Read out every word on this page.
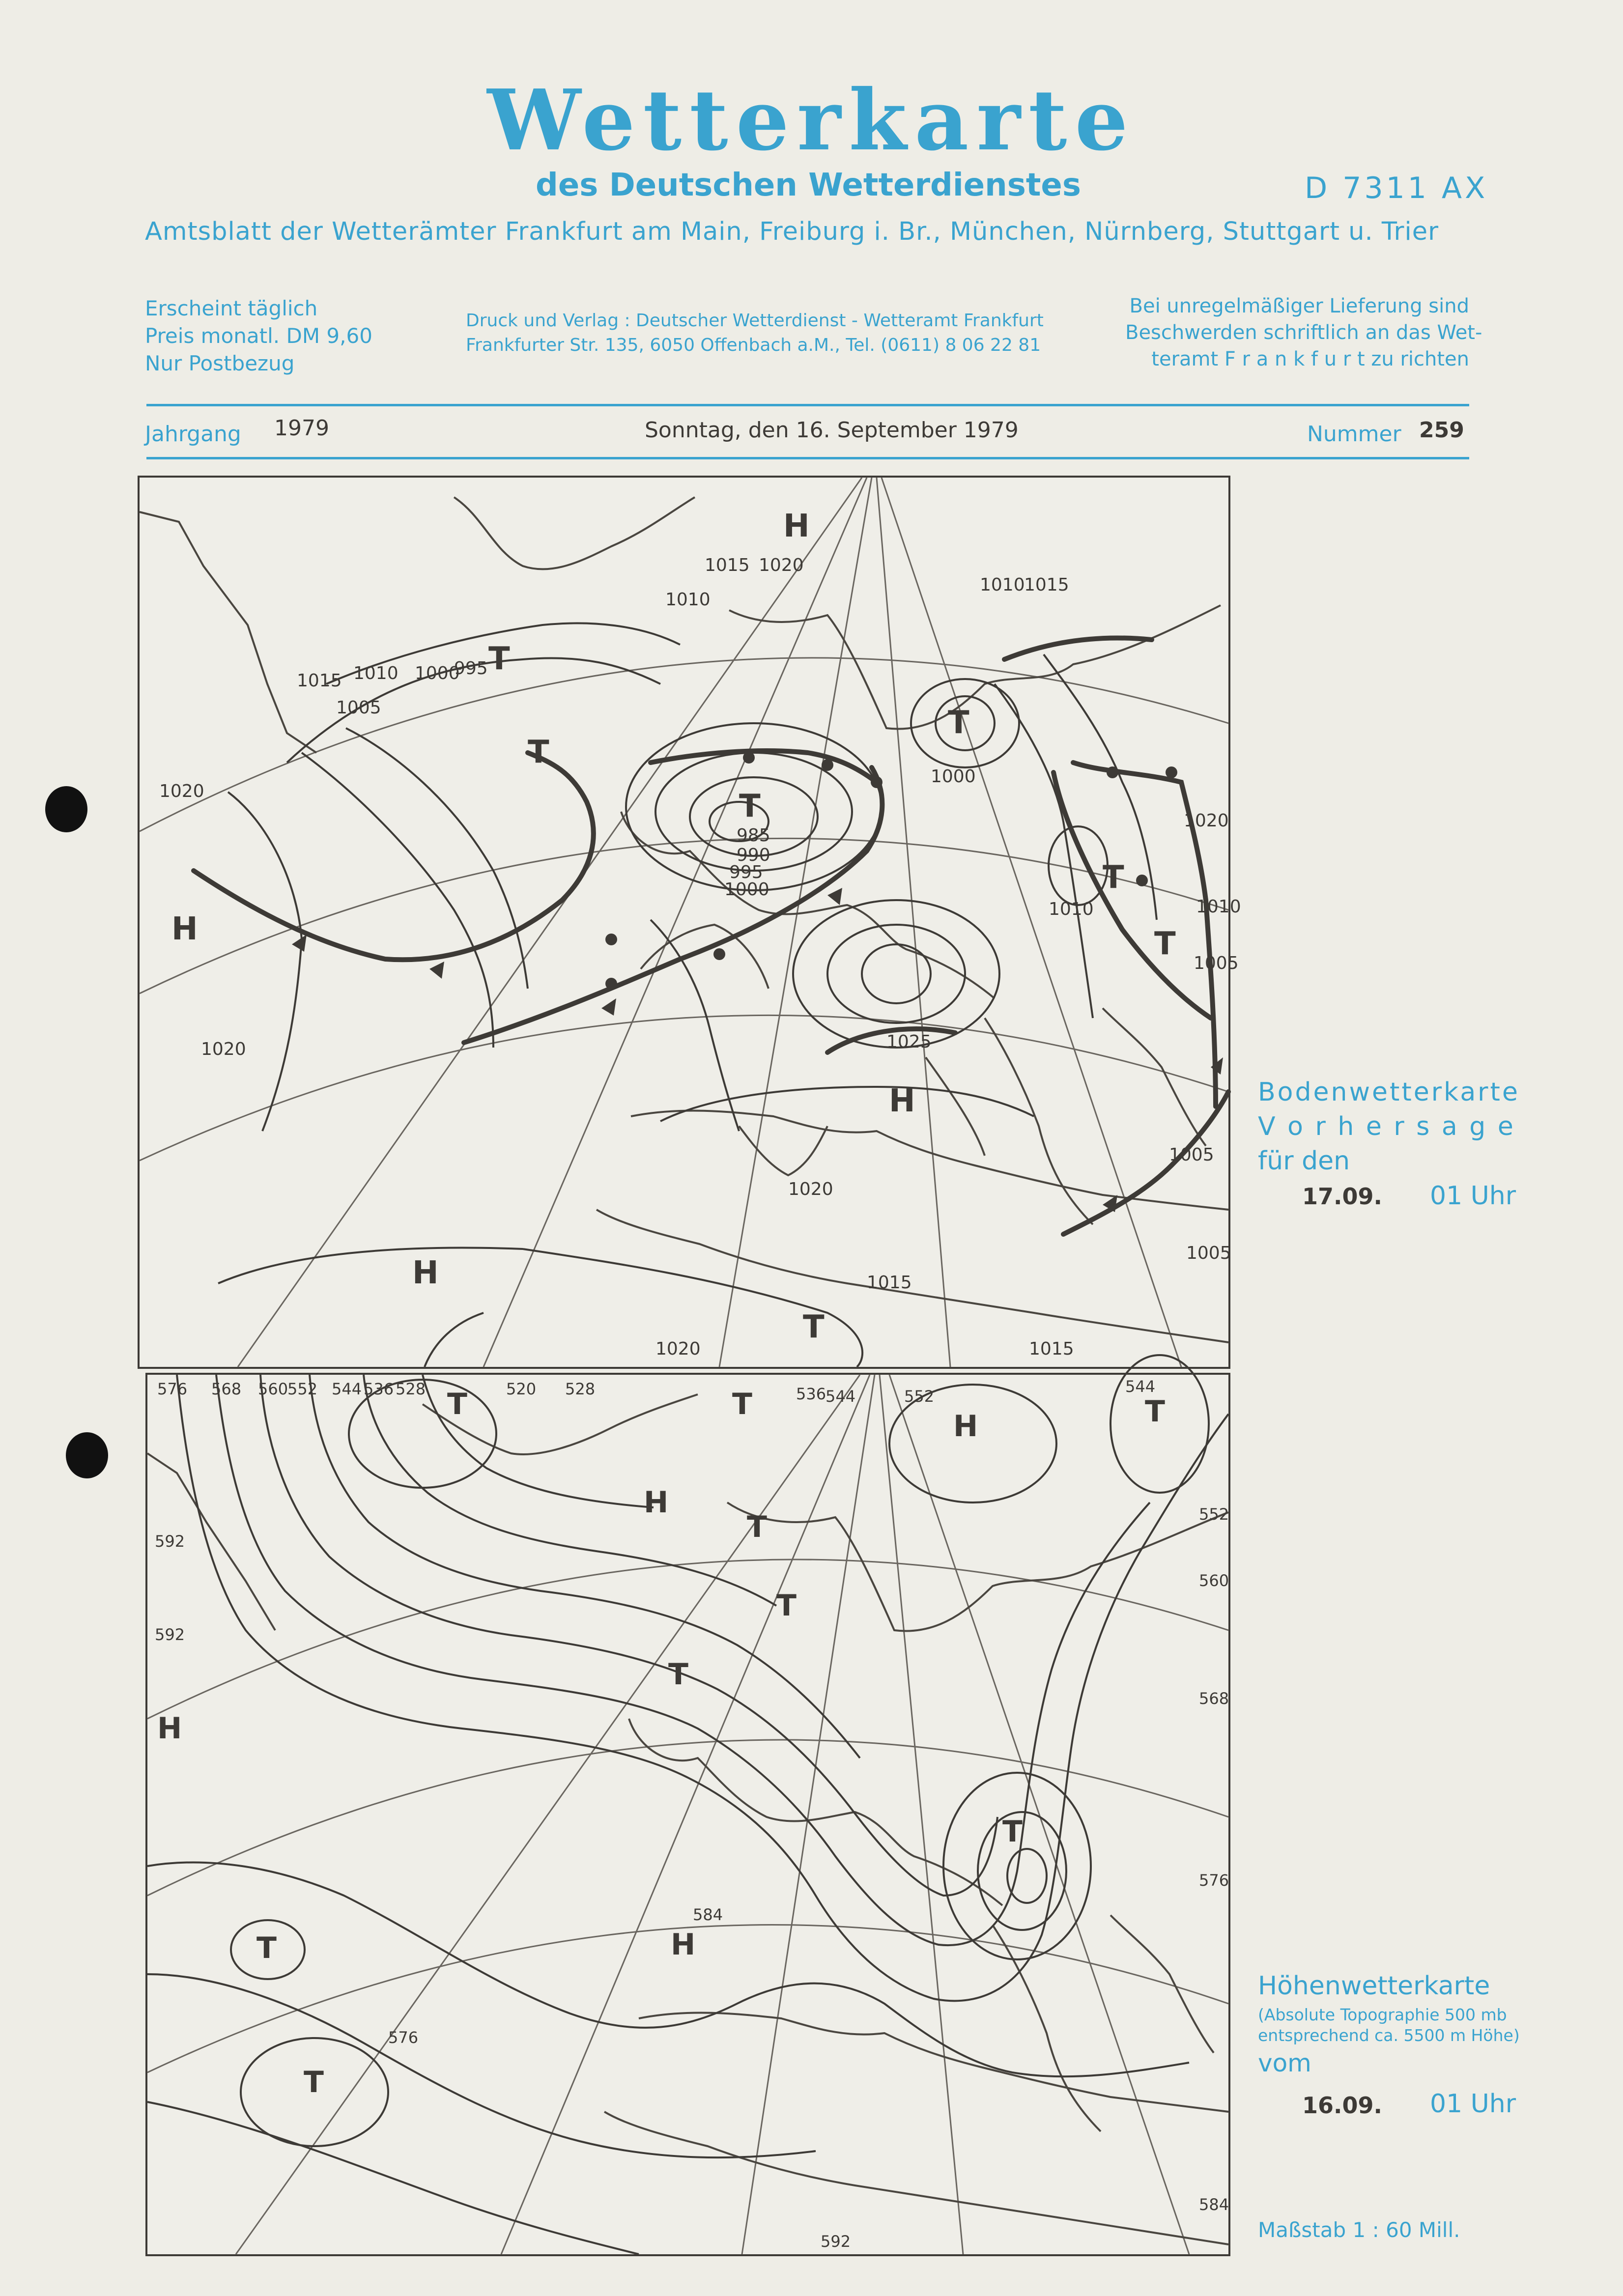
Wetterkarte
des Deutschen Wetterdienstes	D 7311 AX
Amtsblatt der Wetterämter Frankfurt am Main, Freiburg i. Br., München, Nürnberg, Stuttgart u. Trier
Erscheint täglich
Preis monatl. DM 9,60
Nur Postbezug
Druck und Verlag : Deutscher Wetterdienst - Wetteramt Frankfurt
Frankfurter Str. 135, 6050 Offenbach a.M., Tel. (0611) 8 06 22 81
Bei unregelmäßiger Lieferung sind
Beschwerden schriftlich an das Wet-
teramt F r a n k f u r t zu richten
Jahrgang 1979	Sonntag, den 16. September 1979	Nummer 259
H
T
T
T
T
T
T
H
H
H
T
1015 1010 1000
995
1005
1020
985
990
995
1000
1010
1015 1020
1025
1020
1020
1015
1015
1010
1005
1000
1020
1005
1010
1005
1010
1020	1015
Bodenwetterkarte
V o r h e r s a g e
für den
17.09. 01 Uhr
T	T
H
H
T
T
T
H
T
T
H
T
T
576 568 560
552 544 536 528	520 528	536
544	552
584
592
592
576
544
552
560
568
576
584
592
Höhenwetterkarte
(Absolute Topographie 500 mb
entsprechend ca. 5500 m Höhe)
vom
16.09. 01 Uhr
Maßstab 1 : 60 Mill.
